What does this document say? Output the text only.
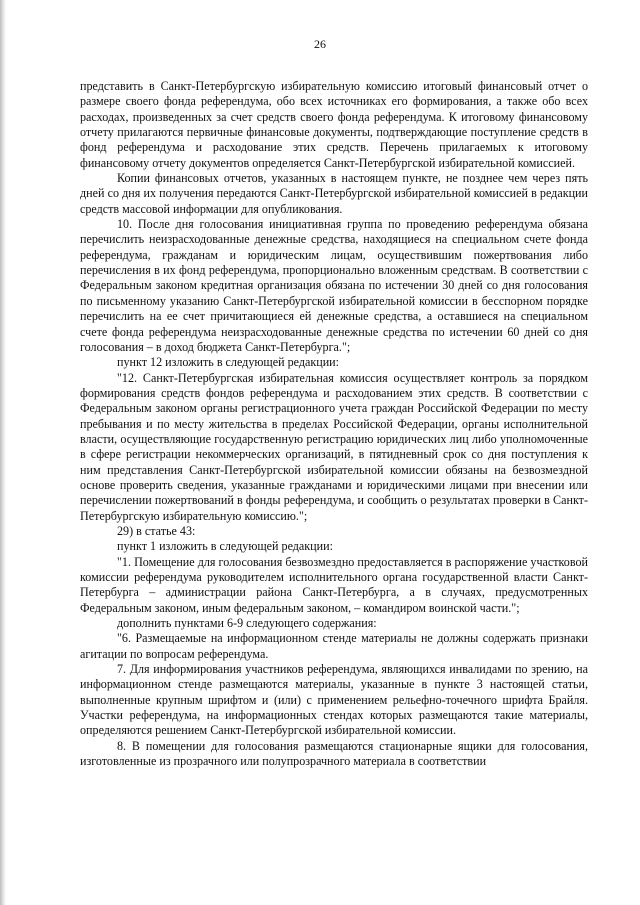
26

представить в Санкт-Петербургскую избирательную комиссию итоговый финансовый отчет о размере своего фонда референдума, обо всех источниках его формирования, а также обо всех расходах, произведенных за счет средств своего фонда референдума. К итоговому финансовому отчету прилагаются первичные финансовые документы, подтверждающие поступление средств в фонд референдума и расходование этих средств. Перечень прилагаемых к итоговому финансовому отчету документов определяется Санкт-Петербургской избирательной комиссией.

Копии финансовых отчетов, указанных в настоящем пункте, не позднее чем через пять дней со дня их получения передаются Санкт-Петербургской избирательной комиссией в редакции средств массовой информации для опубликования.

10. После дня голосования инициативная группа по проведению референдума обязана перечислить неизрасходованные денежные средства, находящиеся на специальном счете фонда референдума, гражданам и юридическим лицам, осуществившим пожертвования либо перечисления в их фонд референдума, пропорционально вложенным средствам. В соответствии с Федеральным законом кредитная организация обязана по истечении 30 дней со дня голосования по письменному указанию Санкт-Петербургской избирательной комиссии в бесспорном порядке перечислить на ее счет причитающиеся ей денежные средства, а оставшиеся на специальном счете фонда референдума неизрасходованные денежные средства по истечении 60 дней со дня голосования – в доход бюджета Санкт-Петербурга.";

пункт 12 изложить в следующей редакции:

"12. Санкт-Петербургская избирательная комиссия осуществляет контроль за порядком формирования средств фондов референдума и расходованием этих средств. В соответствии с Федеральным законом органы регистрационного учета граждан Российской Федерации по месту пребывания и по месту жительства в пределах Российской Федерации, органы исполнительной власти, осуществляющие государственную регистрацию юридических лиц либо уполномоченные в сфере регистрации некоммерческих организаций, в пятидневный срок со дня поступления к ним представления Санкт-Петербургской избирательной комиссии обязаны на безвозмездной основе проверить сведения, указанные гражданами и юридическими лицами при внесении или перечислении пожертвований в фонды референдума, и сообщить о результатах проверки в Санкт-Петербургскую избирательную комиссию.";

29) в статье 43:

пункт 1 изложить в следующей редакции:

"1. Помещение для голосования безвозмездно предоставляется в распоряжение участковой комиссии референдума руководителем исполнительного органа государственной власти Санкт-Петербурга – администрации района Санкт-Петербурга, а в случаях, предусмотренных Федеральным законом, иным федеральным законом, – командиром воинской части.";

дополнить пунктами 6-9 следующего содержания:

"6. Размещаемые на информационном стенде материалы не должны содержать признаки агитации по вопросам референдума.

7. Для информирования участников референдума, являющихся инвалидами по зрению, на информационном стенде размещаются материалы, указанные в пункте 3 настоящей статьи, выполненные крупным шрифтом и (или) с применением рельефно-точечного шрифта Брайля. Участки референдума, на информационных стендах которых размещаются такие материалы, определяются решением Санкт-Петербургской избирательной комиссии.

8. В помещении для голосования размещаются стационарные ящики для голосования, изготовленные из прозрачного или полупрозрачного материала в соответствии
